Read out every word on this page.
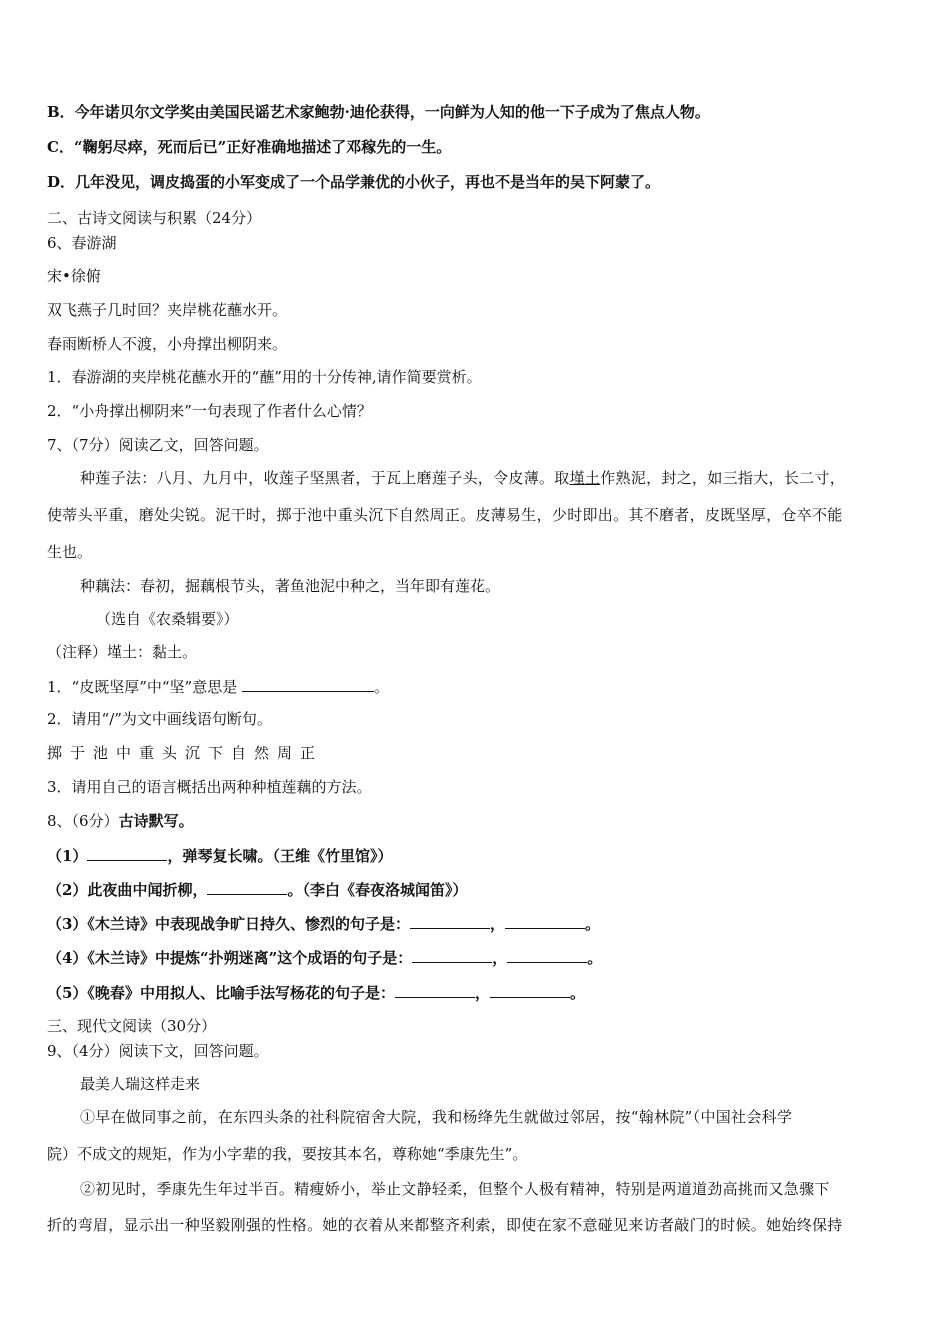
B．今年诺贝尔文学奖由美国民谣艺术家鲍勃·迪伦获得，一向鲜为人知的他一下子成为了焦点人物。
C．“鞠躬尽瘁，死而后已”正好准确地描述了邓稼先的一生。
D．几年没见，调皮捣蛋的小军变成了一个品学兼优的小伙子，再也不是当年的吴下阿蒙了。
二、古诗文阅读与积累（24分）
6、春游湖
宋•徐俯
双飞燕子几时回？夹岸桃花蘸水开。
春雨断桥人不渡，小舟撑出柳阴来。
1．春游湖的夹岸桃花蘸水开的“蘸”用的十分传神,请作简要赏析。
2．“小舟撑出柳阴来”一句表现了作者什么心情？
7、（7分）阅读乙文，回答问题。
种莲子法：八月、九月中，收莲子坚黑者，于瓦上磨莲子头，令皮薄。取墐土作熟泥，封之，如三指大，长二寸，
使蒂头平重，磨处尖锐。泥干时，掷于池中重头沉下自然周正。皮薄易生，少时即出。其不磨者，皮既坚厚，仓卒不能
生也。
种藕法：春初，掘藕根节头，著鱼池泥中种之，当年即有莲花。
（选自《农桑辑要》）
（注释）墐土：黏土。
1．“皮既坚厚”中“坚”意思是	。
2．请用“/”为文中画线语句断句。
掷于池中重头沉下自然周正
3．请用自己的语言概括出两种种植莲藕的方法。
8、（6分）古诗默写。
（1）	，弹琴复长啸。（王维《竹里馆》）
（2）此夜曲中闻折柳，	。（李白《春夜洛城闻笛》）
（3）《木兰诗》中表现战争旷日持久、惨烈的句子是：	，	。
（4）《木兰诗》中提炼“扑朔迷离”这个成语的句子是：	，	。
（5）《晚春》中用拟人、比喻手法写杨花的句子是：	，	。
三、现代文阅读（30分）
9、（4分）阅读下文，回答问题。
最美人瑞这样走来
①早在做同事之前，在东四头条的社科院宿舍大院，我和杨绛先生就做过邻居，按“翰林院”（中国社会科学
院）不成文的规矩，作为小字辈的我，要按其本名，尊称她“季康先生”。
②初见时，季康先生年过半百。精瘦娇小，举止文静轻柔，但整个人极有精神，特别是两道道劲高挑而又急骤下
折的弯眉，显示出一种坚毅刚强的性格。她的衣着从来都整齐利索，即使在家不意碰见来访者敲门的时候。她始终保持
